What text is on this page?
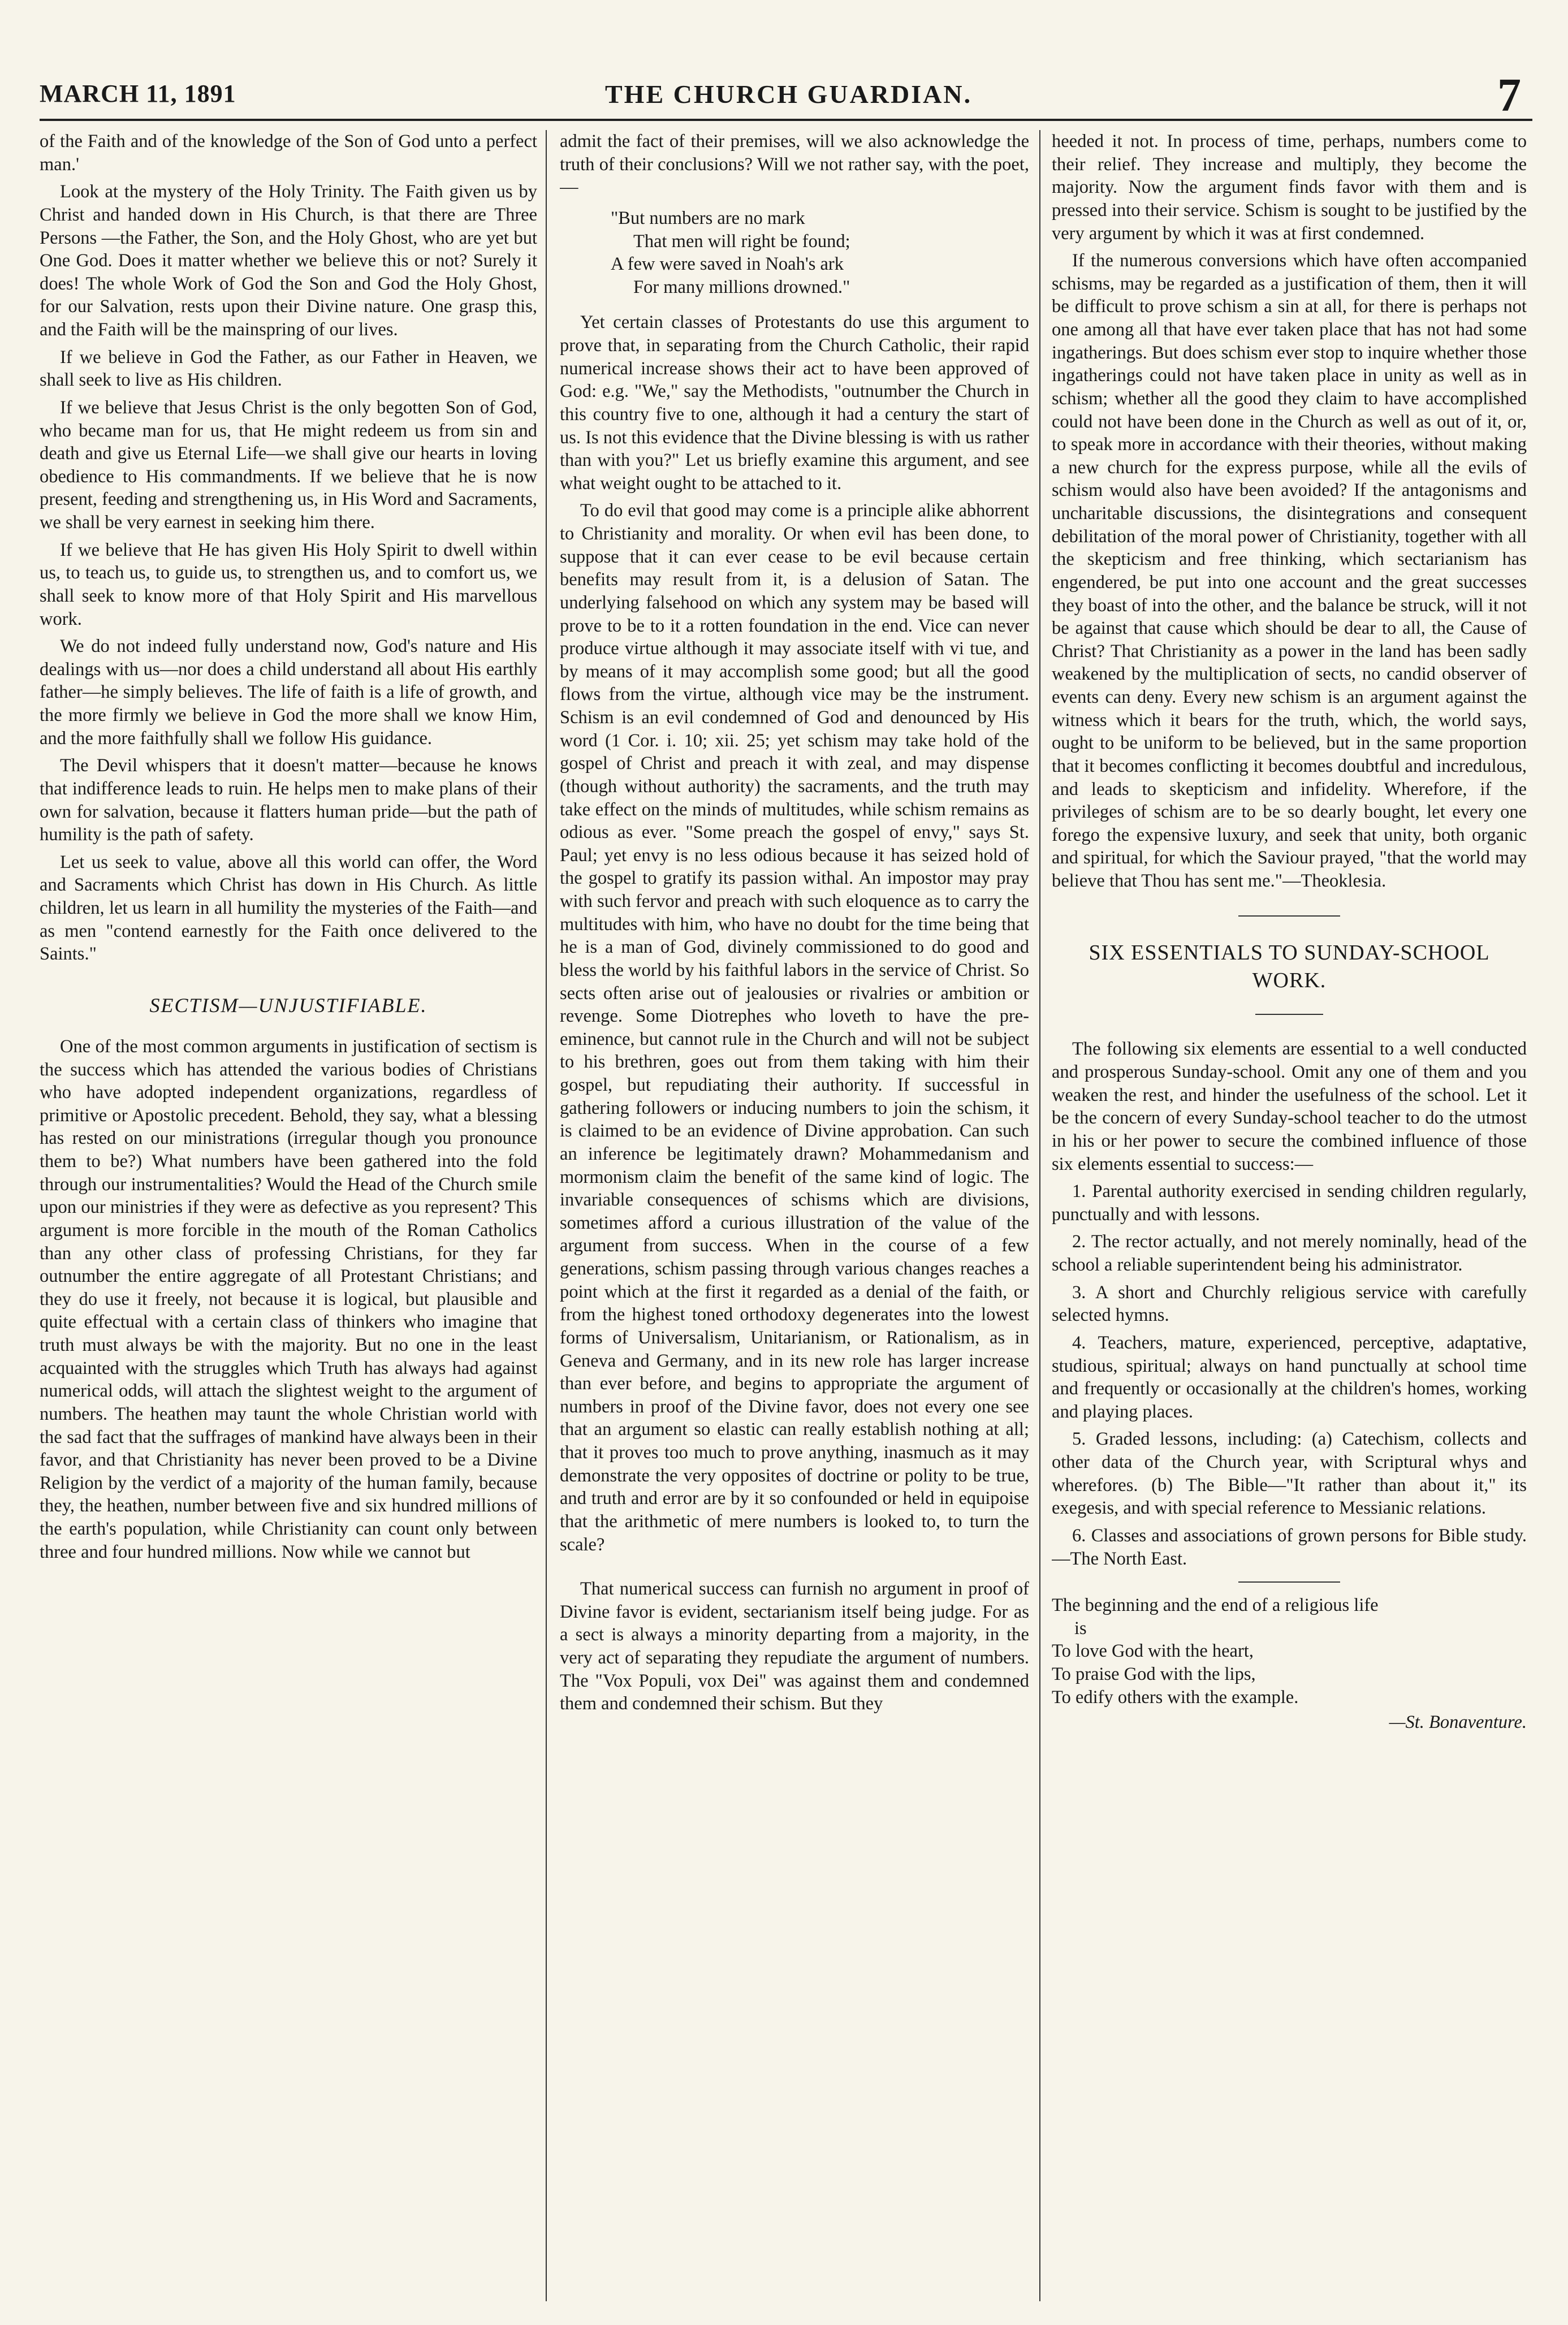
MARCH 11, 1891	THE CHURCH GUARDIAN.	7

of the Faith and of the knowledge of the Son of God unto a perfect man.'

Look at the mystery of the Holy Trinity. The Faith given us by Christ and handed down in His Church, is that there are Three Persons —the Father, the Son, and the Holy Ghost, who are yet but One God. Does it matter whether we believe this or not? Surely it does! The whole Work of God the Son and God the Holy Ghost, for our Salvation, rests upon their Divine nature. One grasp this, and the Faith will be the mainspring of our lives.

If we believe in God the Father, as our Father in Heaven, we shall seek to live as His children.

If we believe that Jesus Christ is the only begotten Son of God, who became man for us, that He might redeem us from sin and death and give us Eternal Life—we shall give our hearts in loving obedience to His commandments. If we believe that he is now present, feeding and strengthening us, in His Word and Sacraments, we shall be very earnest in seeking him there.

If we believe that He has given His Holy Spirit to dwell within us, to teach us, to guide us, to strengthen us, and to comfort us, we shall seek to know more of that Holy Spirit and His marvellous work.

We do not indeed fully understand now, God's nature and His dealings with us—nor does a child understand all about His earthly father—he simply believes. The life of faith is a life of growth, and the more firmly we believe in God the more shall we know Him, and the more faithfully shall we follow His guidance.

The Devil whispers that it doesn't matter—because he knows that indifference leads to ruin. He helps men to make plans of their own for salvation, because it flatters human pride—but the path of humility is the path of safety.

Let us seek to value, above all this world can offer, the Word and Sacraments which Christ has down in His Church. As little children, let us learn in all humility the mysteries of the Faith—and as men "contend earnestly for the Faith once delivered to the Saints."

SECTISM—UNJUSTIFIABLE.

One of the most common arguments in justification of sectism is the success which has attended the various bodies of Christians who have adopted independent organizations, regardless of primitive or Apostolic precedent. Behold, they say, what a blessing has rested on our ministrations (irregular though you pronounce them to be?) What numbers have been gathered into the fold through our instrumentalities? Would the Head of the Church smile upon our ministries if they were as defective as you represent? This argument is more forcible in the mouth of the Roman Catholics than any other class of professing Christians, for they far outnumber the entire aggregate of all Protestant Christians; and they do use it freely, not because it is logical, but plausible and quite effectual with a certain class of thinkers who imagine that truth must always be with the majority. But no one in the least acquainted with the struggles which Truth has always had against numerical odds, will attach the slightest weight to the argument of numbers. The heathen may taunt the whole Christian world with the sad fact that the suffrages of mankind have always been in their favor, and that Christianity has never been proved to be a Divine Religion by the verdict of a majority of the human family, because they, the heathen, number between five and six hundred millions of the earth's population, while Christianity can count only between three and four hundred millions. Now while we cannot but

admit the fact of their premises, will we also acknowledge the truth of their conclusions? Will we not rather say, with the poet,—

"But numbers are no mark
That men will right be found;
A few were saved in Noah's ark
For many millions drowned."

Yet certain classes of Protestants do use this argument to prove that, in separating from the Church Catholic, their rapid numerical increase shows their act to have been approved of God: e.g. "We," say the Methodists, "outnumber the Church in this country five to one, although it had a century the start of us. Is not this evidence that the Divine blessing is with us rather than with you?" Let us briefly examine this argument, and see what weight ought to be attached to it.

To do evil that good may come is a principle alike abhorrent to Christianity and morality. Or when evil has been done, to suppose that it can ever cease to be evil because certain benefits may result from it, is a delusion of Satan. The underlying falsehood on which any system may be based will prove to be to it a rotten foundation in the end. Vice can never produce virtue although it may associate itself with vi tue, and by means of it may accomplish some good; but all the good flows from the virtue, although vice may be the instrument. Schism is an evil condemned of God and denounced by His word (1 Cor. i. 10; xii. 25; yet schism may take hold of the gospel of Christ and preach it with zeal, and may dispense (though without authority) the sacraments, and the truth may take effect on the minds of multitudes, while schism remains as odious as ever. "Some preach the gospel of envy," says St. Paul; yet envy is no less odious because it has seized hold of the gospel to gratify its passion withal. An impostor may pray with such fervor and preach with such eloquence as to carry the multitudes with him, who have no doubt for the time being that he is a man of God, divinely commissioned to do good and bless the world by his faithful labors in the service of Christ. So sects often arise out of jealousies or rivalries or ambition or revenge. Some Diotrephes who loveth to have the pre-eminence, but cannot rule in the Church and will not be subject to his brethren, goes out from them taking with him their gospel, but repudiating their authority. If successful in gathering followers or inducing numbers to join the schism, it is claimed to be an evidence of Divine approbation. Can such an inference be legitimately drawn? Mohammedanism and mormonism claim the benefit of the same kind of logic. The invariable consequences of schisms which are divisions, sometimes afford a curious illustration of the value of the argument from success. When in the course of a few generations, schism passing through various changes reaches a point which at the first it regarded as a denial of the faith, or from the highest toned orthodoxy degenerates into the lowest forms of Universalism, Unitarianism, or Rationalism, as in Geneva and Germany, and in its new role has larger increase than ever before, and begins to appropriate the argument of numbers in proof of the Divine favor, does not every one see that an argument so elastic can really establish nothing at all; that it proves too much to prove anything, inasmuch as it may demonstrate the very opposites of doctrine or polity to be true, and truth and error are by it so confounded or held in equipoise that the arithmetic of mere numbers is looked to, to turn the scale?

That numerical success can furnish no argument in proof of Divine favor is evident, sectarianism itself being judge. For as a sect is always a minority departing from a majority, in the very act of separating they repudiate the argument of numbers. The "Vox Populi, vox Dei" was against them and condemned them and condemned their schism. But they

heeded it not. In process of time, perhaps, numbers come to their relief. They increase and multiply, they become the majority. Now the argument finds favor with them and is pressed into their service. Schism is sought to be justified by the very argument by which it was at first condemned.

If the numerous conversions which have often accompanied schisms, may be regarded as a justification of them, then it will be difficult to prove schism a sin at all, for there is perhaps not one among all that have ever taken place that has not had some ingatherings. But does schism ever stop to inquire whether those ingatherings could not have taken place in unity as well as in schism; whether all the good they claim to have accomplished could not have been done in the Church as well as out of it, or, to speak more in accordance with their theories, without making a new church for the express purpose, while all the evils of schism would also have been avoided? If the antagonisms and uncharitable discussions, the disintegrations and consequent debilitation of the moral power of Christianity, together with all the skepticism and free thinking, which sectarianism has engendered, be put into one account and the great successes they boast of into the other, and the balance be struck, will it not be against that cause which should be dear to all, the Cause of Christ? That Christianity as a power in the land has been sadly weakened by the multiplication of sects, no candid observer of events can deny. Every new schism is an argument against the witness which it bears for the truth, which, the world says, ought to be uniform to be believed, but in the same proportion that it becomes conflicting it becomes doubtful and incredulous, and leads to skepticism and infidelity. Wherefore, if the privileges of schism are to be so dearly bought, let every one forego the expensive luxury, and seek that unity, both organic and spiritual, for which the Saviour prayed, "that the world may believe that Thou has sent me."—Theoklesia.

SIX ESSENTIALS TO SUNDAY-SCHOOL WORK.

The following six elements are essential to a well conducted and prosperous Sunday-school. Omit any one of them and you weaken the rest, and hinder the usefulness of the school. Let it be the concern of every Sunday-school teacher to do the utmost in his or her power to secure the combined influence of those six elements essential to success:—

1. Parental authority exercised in sending children regularly, punctually and with lessons.

2. The rector actually, and not merely nominally, head of the school a reliable superintendent being his administrator.

3. A short and Churchly religious service with carefully selected hymns.

4. Teachers, mature, experienced, perceptive, adaptative, studious, spiritual; always on hand punctually at school time and frequently or occasionally at the children's homes, working and playing places.

5. Graded lessons, including: (a) Catechism, collects and other data of the Church year, with Scriptural whys and wherefores. (b) The Bible—"It rather than about it," its exegesis, and with special reference to Messianic relations.

6. Classes and associations of grown persons for Bible study.—The North East.

The beginning and the end of a religious life
is
To love God with the heart,
To praise God with the lips,
To edify others with the example.
—St. Bonaventure.
